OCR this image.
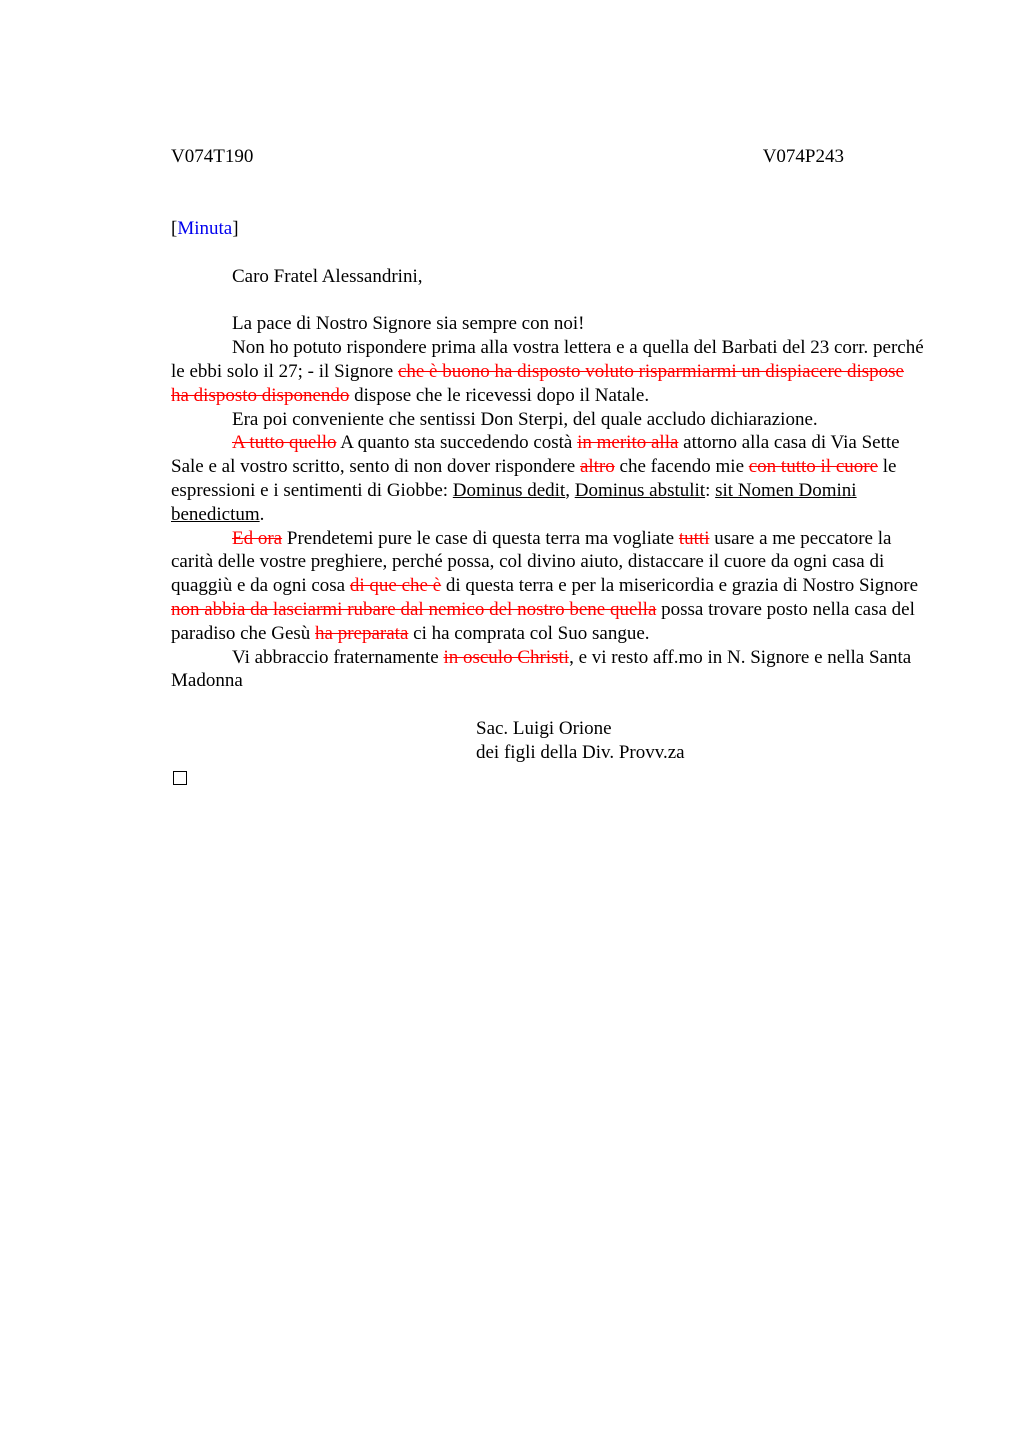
V074T190	V074P243

[Minuta]

Caro Fratel Alessandrini,

La pace di Nostro Signore sia sempre con noi!

Non ho potuto rispondere prima alla vostra lettera e a quella del Barbati del 23 corr. perché le ebbi solo il 27; - il Signore che è buono ha disposto voluto risparmiarmi un dispiacere dispose ha disposto disponendo dispose che le ricevessi dopo il Natale.

Era poi conveniente che sentissi Don Sterpi, del quale accludo dichiarazione.

A tutto quello A quanto sta succedendo costà in merito alla attorno alla casa di Via Sette Sale e al vostro scritto, sento di non dover rispondere altro che facendo mie con tutto il cuore le espressioni e i sentimenti di Giobbe: Dominus dedit, Dominus abstulit: sit Nomen Domini benedictum.

Ed ora Prendetemi pure le case di questa terra ma vogliate tutti usare a me peccatore la carità delle vostre preghiere, perché possa, col divino aiuto, distaccare il cuore da ogni casa di quaggiù e da ogni cosa di que che è di questa terra e per la misericordia e grazia di Nostro Signore non abbia da lasciarmi rubare dal nemico del nostro bene quella possa trovare posto nella casa del paradiso che Gesù ha preparata ci ha comprata col Suo sangue.

Vi abbraccio fraternamente in osculo Christi, e vi resto aff.mo in N. Signore e nella Santa Madonna

Sac. Luigi Orione

dei figli della Div. Provv.za
